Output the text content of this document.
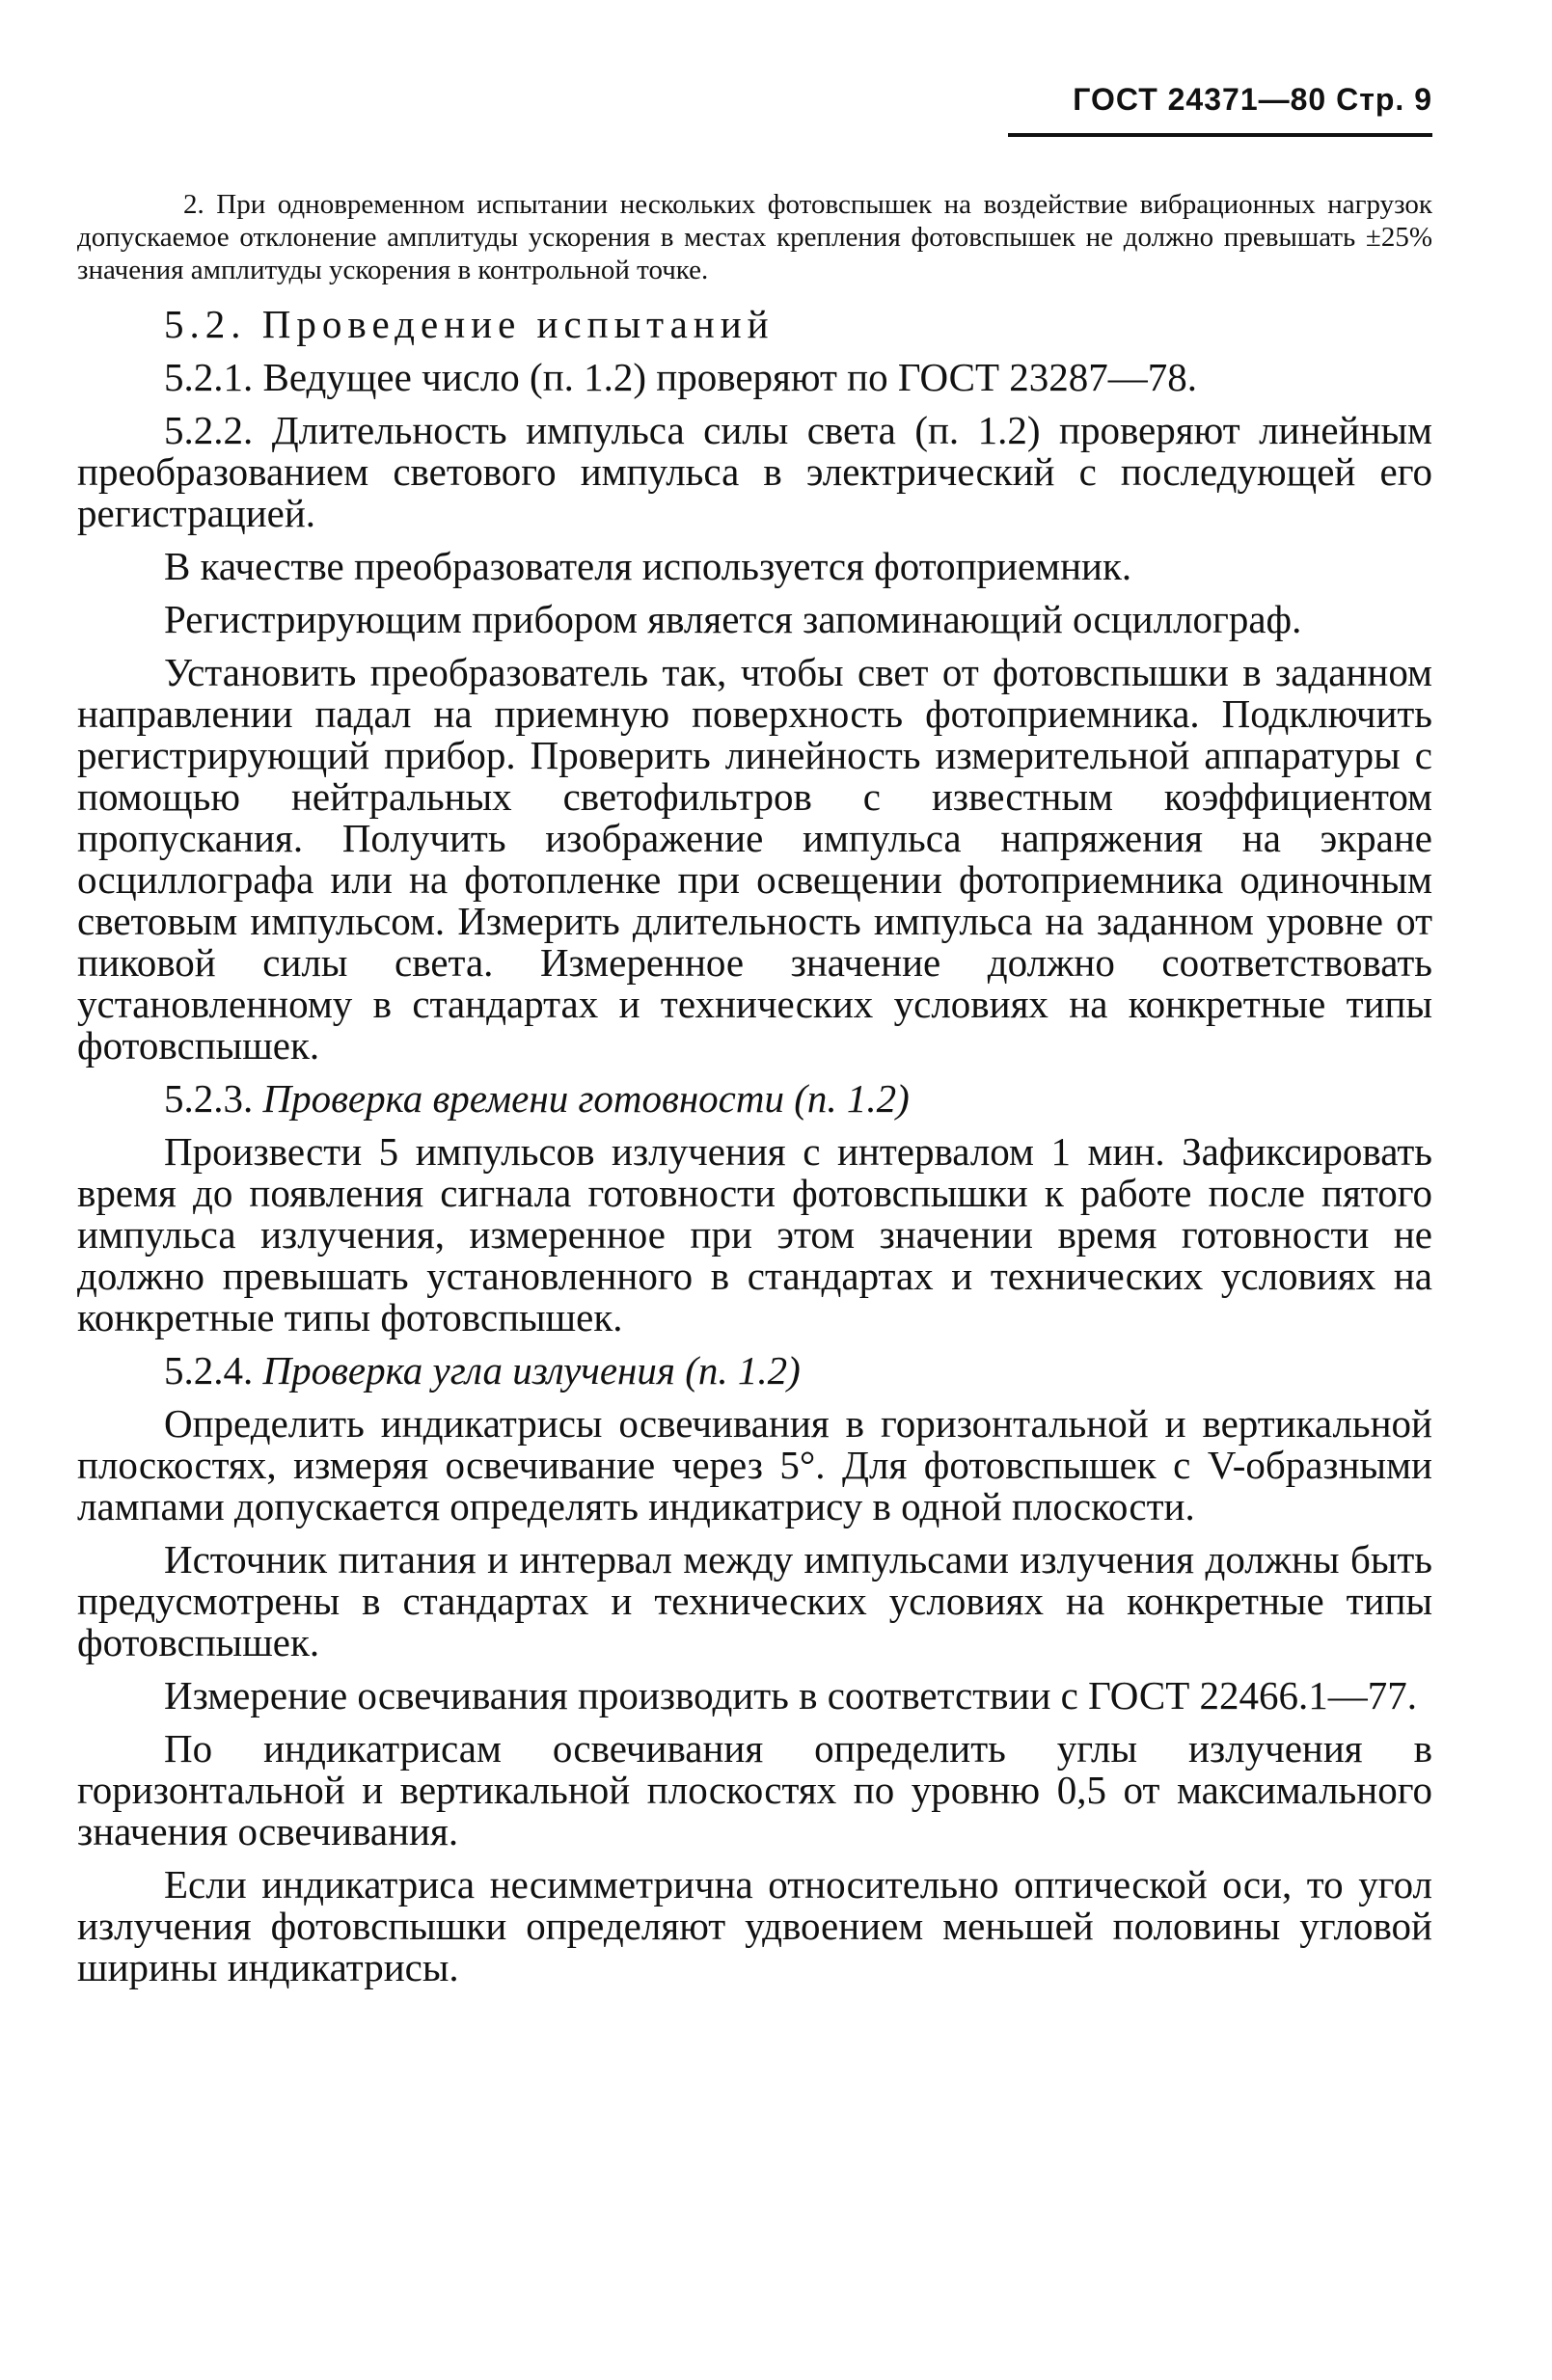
ГОСТ 24371—80 Стр. 9

2. При одновременном испытании нескольких фотовспышек на воздействие вибрационных нагрузок допускаемое отклонение амплитуды ускорения в местах крепления фотовспышек не должно превышать ±25% значения амплитуды ускорения в контрольной точке.

5.2. Проведение испытаний

5.2.1. Ведущее число (п. 1.2) проверяют по ГОСТ 23287—78.

5.2.2. Длительность импульса силы света (п. 1.2) проверяют линейным преобразованием светового импульса в электрический с последующей его регистрацией.

В качестве преобразователя используется фотоприемник.

Регистрирующим прибором является запоминающий осциллограф.

Установить преобразователь так, чтобы свет от фотовспышки в заданном направлении падал на приемную поверхность фотоприемника. Подключить регистрирующий прибор. Проверить линейность измерительной аппаратуры с помощью нейтральных светофильтров с известным коэффициентом пропускания. Получить изображение импульса напряжения на экране осциллографа или на фотопленке при освещении фотоприемника одиночным световым импульсом. Измерить длительность импульса на заданном уровне от пиковой силы света. Измеренное значение должно соответствовать установленному в стандартах и технических условиях на конкретные типы фотовспышек.

5.2.3. Проверка времени готовности (п. 1.2)

Произвести 5 импульсов излучения с интервалом 1 мин. Зафиксировать время до появления сигнала готовности фотовспышки к работе после пятого импульса излучения, измеренное при этом значении время готовности не должно превышать установленного в стандартах и технических условиях на конкретные типы фотовспышек.

5.2.4. Проверка угла излучения (п. 1.2)

Определить индикатрисы освечивания в горизонтальной и вертикальной плоскостях, измеряя освечивание через 5°. Для фотовспышек с V-образными лампами допускается определять индикатрису в одной плоскости.

Источник питания и интервал между импульсами излучения должны быть предусмотрены в стандартах и технических условиях на конкретные типы фотовспышек.

Измерение освечивания производить в соответствии с ГОСТ 22466.1—77.

По индикатрисам освечивания определить углы излучения в горизонтальной и вертикальной плоскостях по уровню 0,5 от максимального значения освечивания.

Если индикатриса несимметрична относительно оптической оси, то угол излучения фотовспышки определяют удвоением меньшей половины угловой ширины индикатрисы.
